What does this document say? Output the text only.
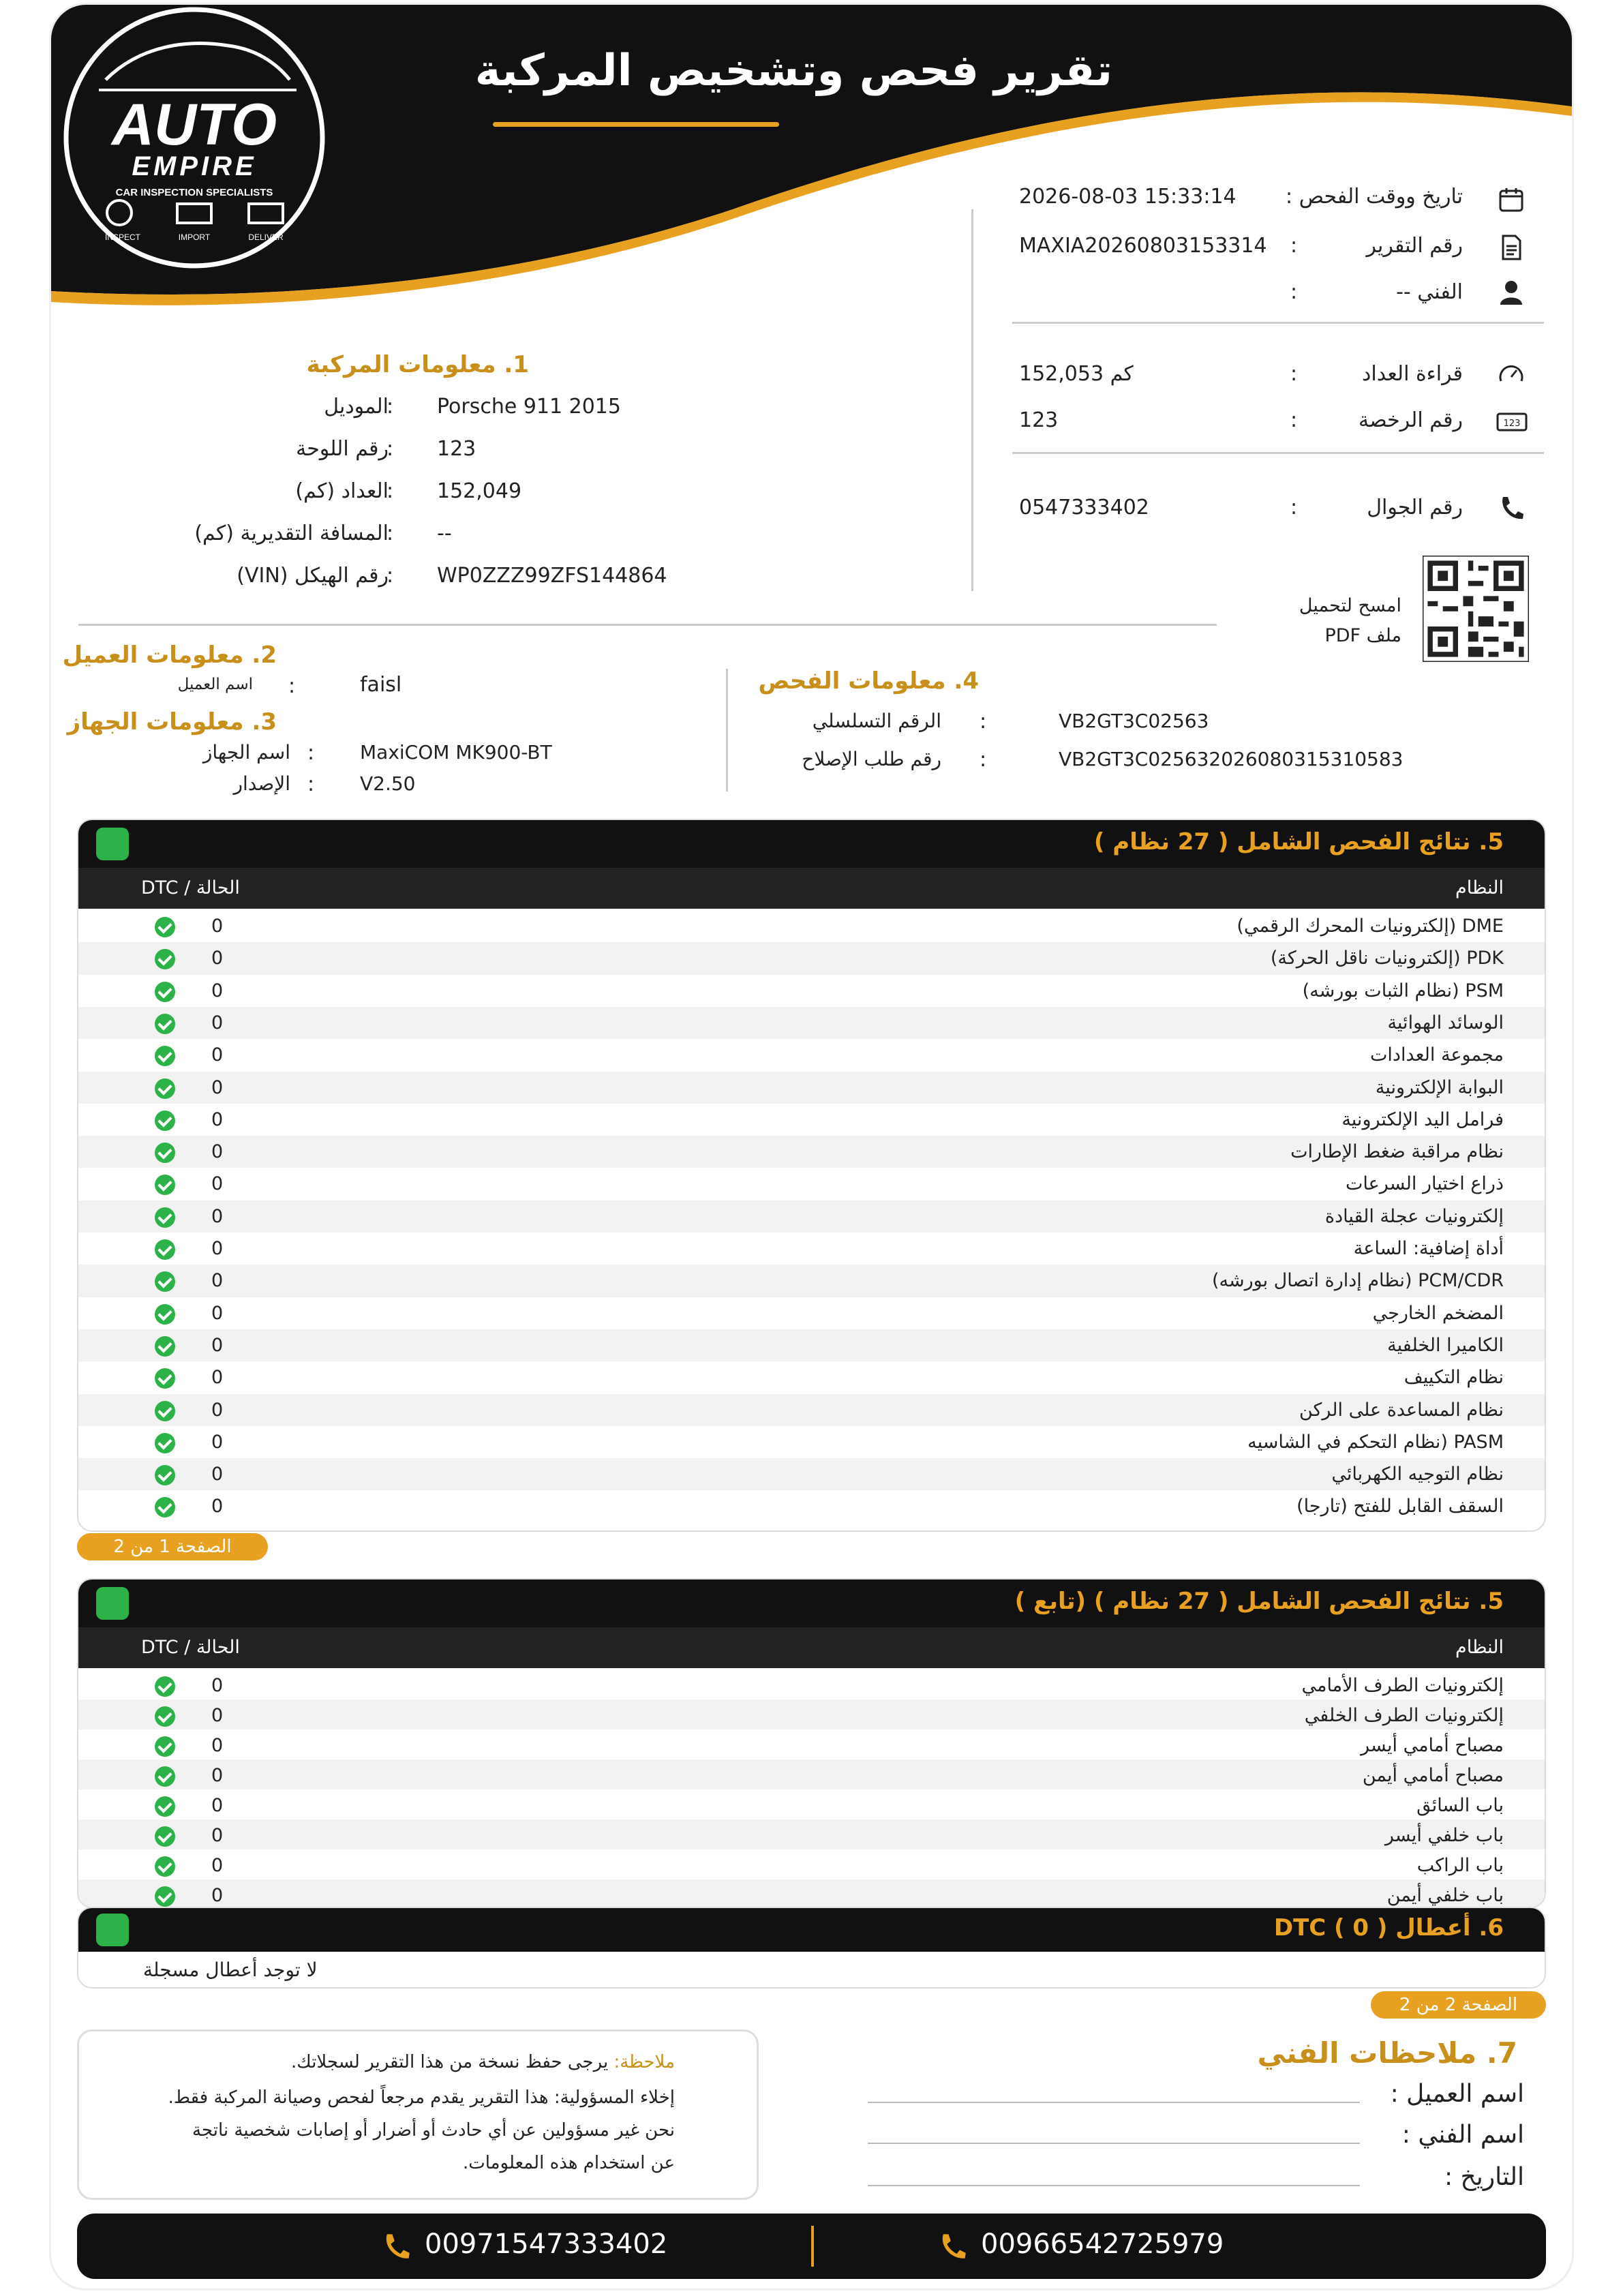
تقرير فحص وتشخيص المركبة
AUTO
EMPIRE
CAR INSPECTION SPECIALISTS
INSPECT	IMPORT	DELIVER
2026-08-03 15:33:14 تاريخ ووقت الفحص :
MAXIA20260803153314 :	رقم التقرير
:	الفني --
152,053 كم	:	قراءة العداد
123	:	رقم الرخصة	123
0547333402	:	رقم الجوال
امسح لتحميل
ملف PDF
1. معلومات المركبة
الموديل
: Porsche 911 2015
رقم اللوحة
: 123
العداد (كم)
: 152,049
المسافة التقديرية (كم)
: --
رقم الهيكل (VIN)
: WP0ZZZ99ZFS144864
2. معلومات العميل
اسم العميل :	faisl
3. معلومات الجهاز
اسم الجهاز : MaxiCOM MK900-BT
الإصدار : V2.50
4. معلومات الفحص
الرقم التسلسلي :	VB2GT3C02563
رقم طلب الإصلاح :	VB2GT3C025632026080315310583
5. نتائج الفحص الشامل ( 27 نظام )
النظام
الحالة / DTC
DME (إلكترونيات المحرك الرقمي)
0
PDK (إلكترونيات ناقل الحركة)
0
PSM (نظام الثبات بورشه)
0
الوسائد الهوائية
0
مجموعة العدادات
0
البوابة الإلكترونية
0
فرامل اليد الإلكترونية
0
نظام مراقبة ضغط الإطارات
0
ذراع اختيار السرعات
0
إلكترونيات عجلة القيادة
0
أداة إضافية: الساعة
0
PCM/CDR (نظام إدارة اتصال بورشه)
0
المضخم الخارجي
0
الكاميرا الخلفية
0
نظام التكييف
0
نظام المساعدة على الركن
0
PASM (نظام التحكم في الشاسيه
0
نظام التوجيه الكهربائي
0
السقف القابل للفتح (تارجا)
0
الصفحة 1 من 2
5. نتائج الفحص الشامل ( 27 نظام ) (تابع )
النظام
الحالة / DTC
إلكترونيات الطرف الأمامي
0
إلكترونيات الطرف الخلفي
0
مصباح أمامي أيسر
0
مصباح أمامي أيمن
0
باب السائق
0
باب خلفي أيسر
0
باب الراكب
0
باب خلفي أيمن
0
6. أعطال DTC ( 0 )
لا توجد أعطال مسجلة
الصفحة 2 من 2
7. ملاحظات الفني
اسم العميل :
اسم الفني :
التاريخ :
ملاحظة: يرجى حفظ نسخة من هذا التقرير لسجلاتك.
إخلاء المسؤولية: هذا التقرير يقدم مرجعاً لفحص وصيانة المركبة فقط.
نحن غير مسؤولين عن أي حادث أو أضرار أو إصابات شخصية ناتجة
عن استخدام هذه المعلومات.
00971547333402	00966542725979
